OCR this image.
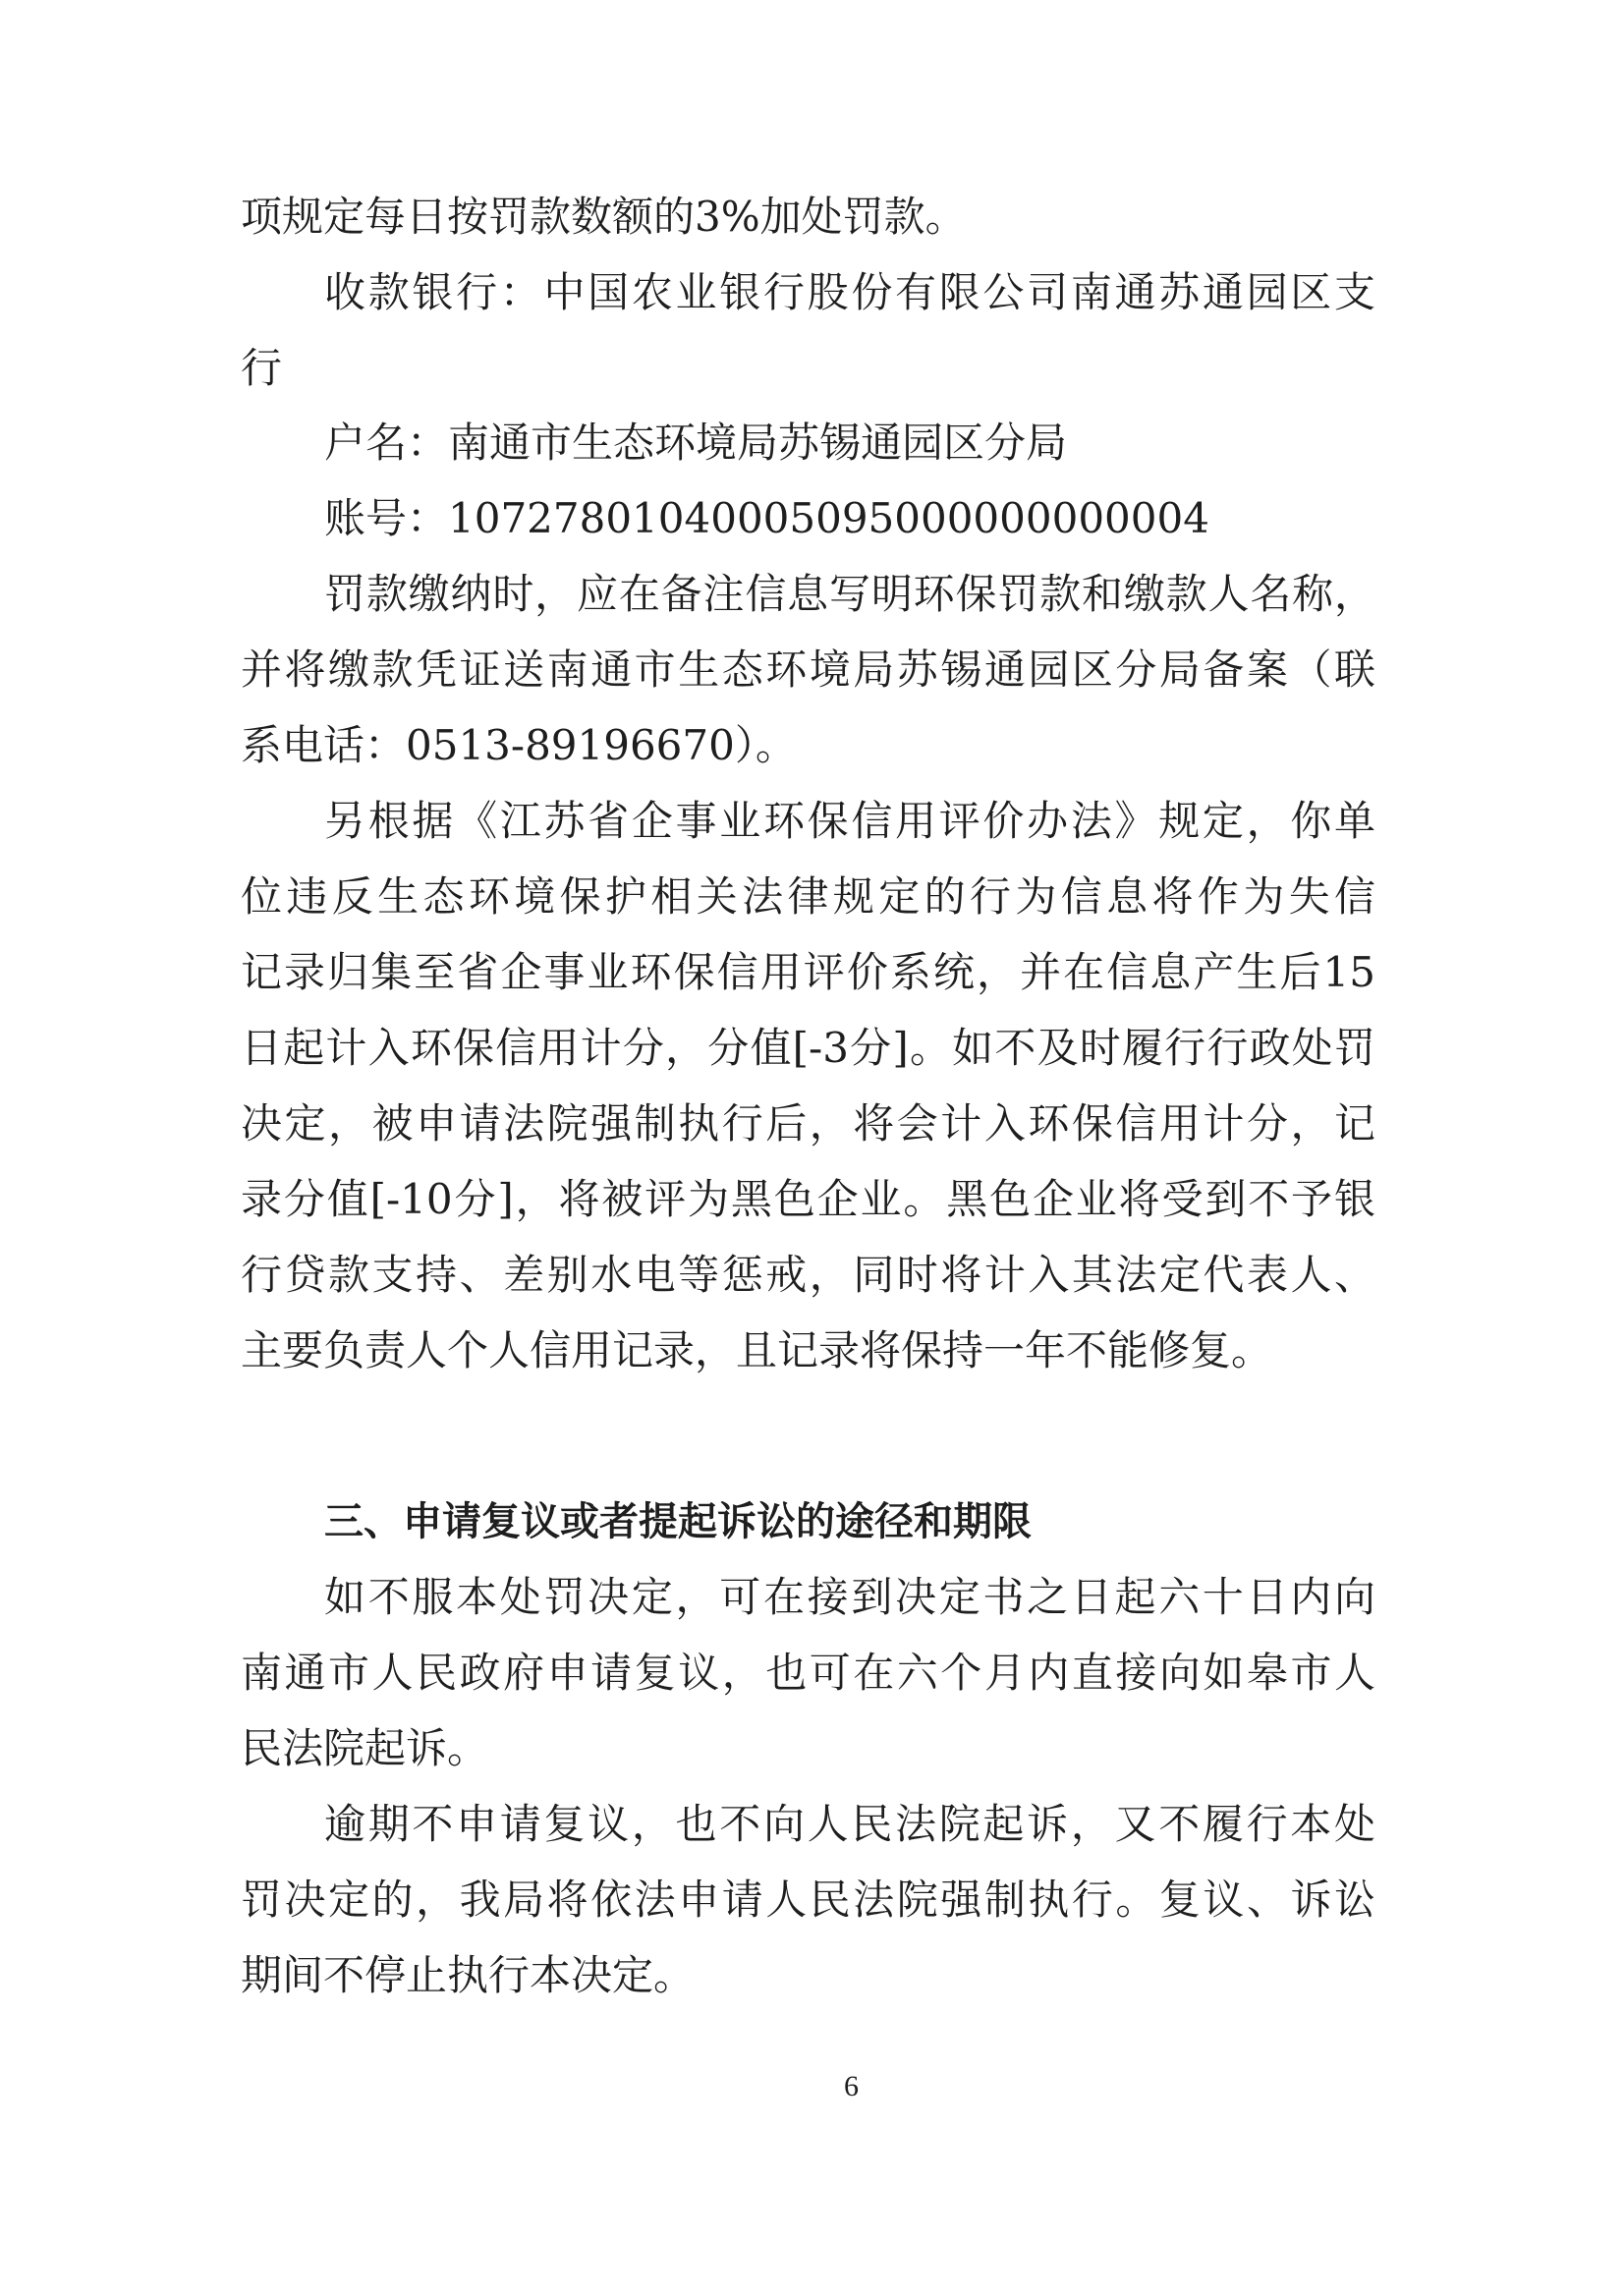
项规定每日按罚款数额的3%加处罚款。
收款银行：中国农业银行股份有限公司南通苏通园区支
行
户名：南通市生态环境局苏锡通园区分局
账号：10727801040005095000000000004
罚款缴纳时，应在备注信息写明环保罚款和缴款人名称，
并将缴款凭证送南通市生态环境局苏锡通园区分局备案（联
系电话：0513-89196670）。
另根据《江苏省企事业环保信用评价办法》规定，你单
位违反生态环境保护相关法律规定的行为信息将作为失信
记录归集至省企事业环保信用评价系统，并在信息产生后15
日起计入环保信用计分，分值[-3分]。如不及时履行行政处罚
决定，被申请法院强制执行后，将会计入环保信用计分，记
录分值[-10分]，将被评为黑色企业。黑色企业将受到不予银
行贷款支持、差别水电等惩戒，同时将计入其法定代表人、
主要负责人个人信用记录，且记录将保持一年不能修复。
三、申请复议或者提起诉讼的途径和期限
如不服本处罚决定，可在接到决定书之日起六十日内向
南通市人民政府申请复议，也可在六个月内直接向如皋市人
民法院起诉。
逾期不申请复议，也不向人民法院起诉，又不履行本处
罚决定的，我局将依法申请人民法院强制执行。复议、诉讼
期间不停止执行本决定。
6
